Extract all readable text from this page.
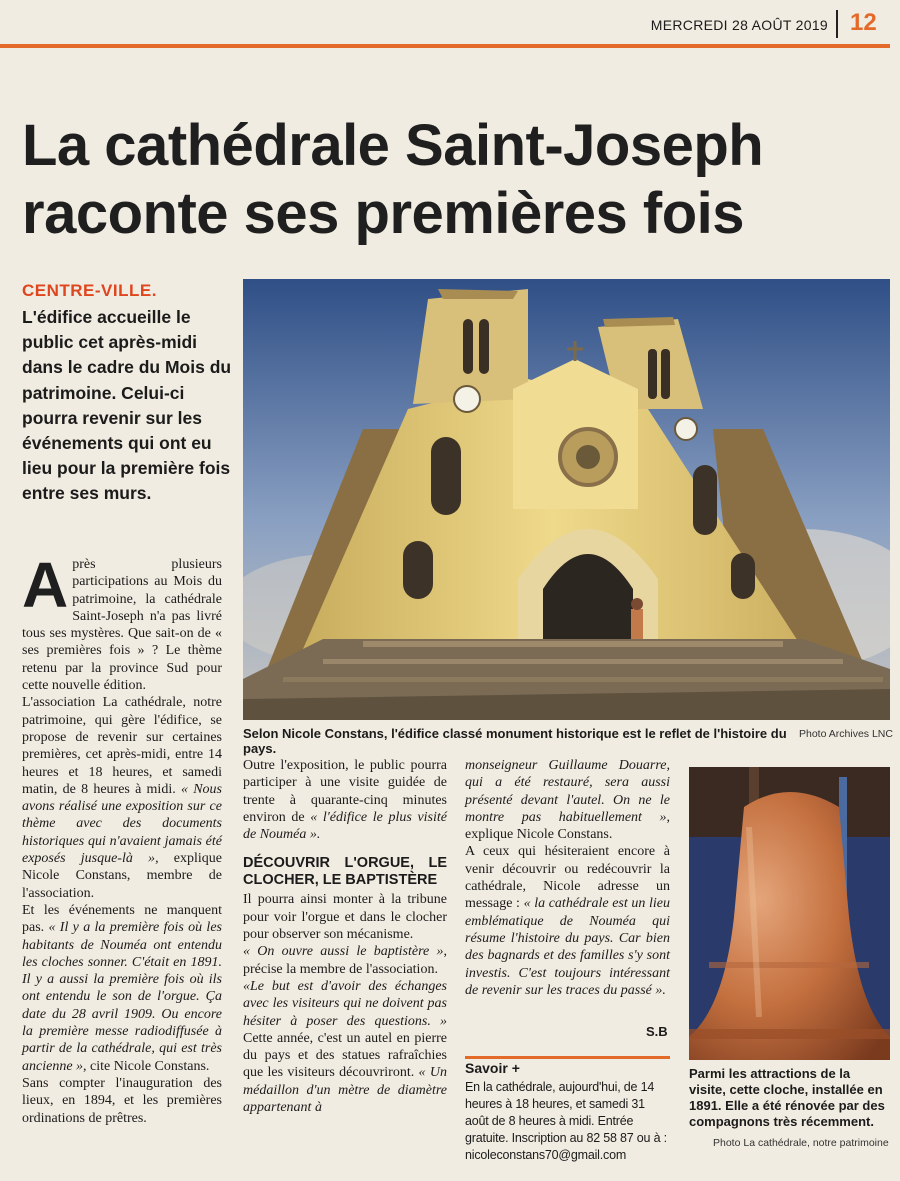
MERCREDI 28 AOÛT 2019 12
La cathédrale Saint-Joseph
raconte ses premières fois
CENTRE-VILLE.
L'édifice accueille le public cet après-midi dans le cadre du Mois du patrimoine. Celui-ci pourra revenir sur les événements qui ont eu lieu pour la première fois entre ses murs.
Selon Nicole Constans, l'édifice classé monument historique est le reflet de l'histoire du pays.
Photo Archives LNC

Après plusieurs participations au Mois du patrimoine, la cathédrale Saint-Joseph n'a pas livré tous ses mystères. Que sait-on de « ses premières fois » ? Le thème retenu par la province Sud pour cette nouvelle édition.

L'association La cathédrale, notre patrimoine, qui gère l'édifice, se propose de revenir sur certaines premières, cet après-midi, entre 14 heures et 18 heures, et samedi matin, de 8 heures à midi. « Nous avons réalisé une exposition sur ce thème avec des documents historiques qui n'avaient jamais été exposés jusque-là », explique Nicole Constans, membre de l'association.

Et les événements ne manquent pas. « Il y a la première fois où les habitants de Nouméa ont entendu les cloches sonner. C'était en 1891. Il y a aussi la première fois où ils ont entendu le son de l'orgue. Ça date du 28 avril 1909. Ou encore la première messe radiodiffusée à partir de la cathédrale, qui est très ancienne », cite Nicole Constans.

Sans compter l'inauguration des lieux, en 1894, et les premières ordinations de prêtres.

Outre l'exposition, le public pourra participer à une visite guidée de trente à quarante-cinq minutes environ de « l'édifice le plus visité de Nouméa ».

DÉCOUVRIR L'ORGUE, LE CLOCHER, LE BAPTISTÈRE

Il pourra ainsi monter à la tribune pour voir l'orgue et dans le clocher pour observer son mécanisme.

« On ouvre aussi le baptistère », précise la membre de l'association.

«Le but est d'avoir des échanges avec les visiteurs qui ne doivent pas hésiter à poser des questions. » Cette année, c'est un autel en pierre du pays et des statues rafraîchies que les visiteurs découvriront. « Un médaillon d'un mètre de diamètre appartenant à

monseigneur Guillaume Douarre, qui a été restauré, sera aussi présenté devant l'autel. On ne le montre pas habituellement », explique Nicole Constans.

A ceux qui hésiteraient encore à venir découvrir ou redécouvrir la cathédrale, Nicole adresse un message : « la cathédrale est un lieu emblématique de Nouméa qui résume l'histoire du pays. Car bien des bagnards et des familles s'y sont investis. C'est toujours intéressant de revenir sur les traces du passé ».

S.B
Savoir +
En la cathédrale, aujourd'hui, de 14 heures à 18 heures, et samedi 31 août de 8 heures à midi. Entrée gratuite. Inscription au 82 58 87 ou à : nicoleconstans70@gmail.com
Parmi les attractions de la visite, cette cloche, installée en 1891. Elle a été rénovée par des compagnons très récemment.
Photo La cathédrale, notre patrimoine
